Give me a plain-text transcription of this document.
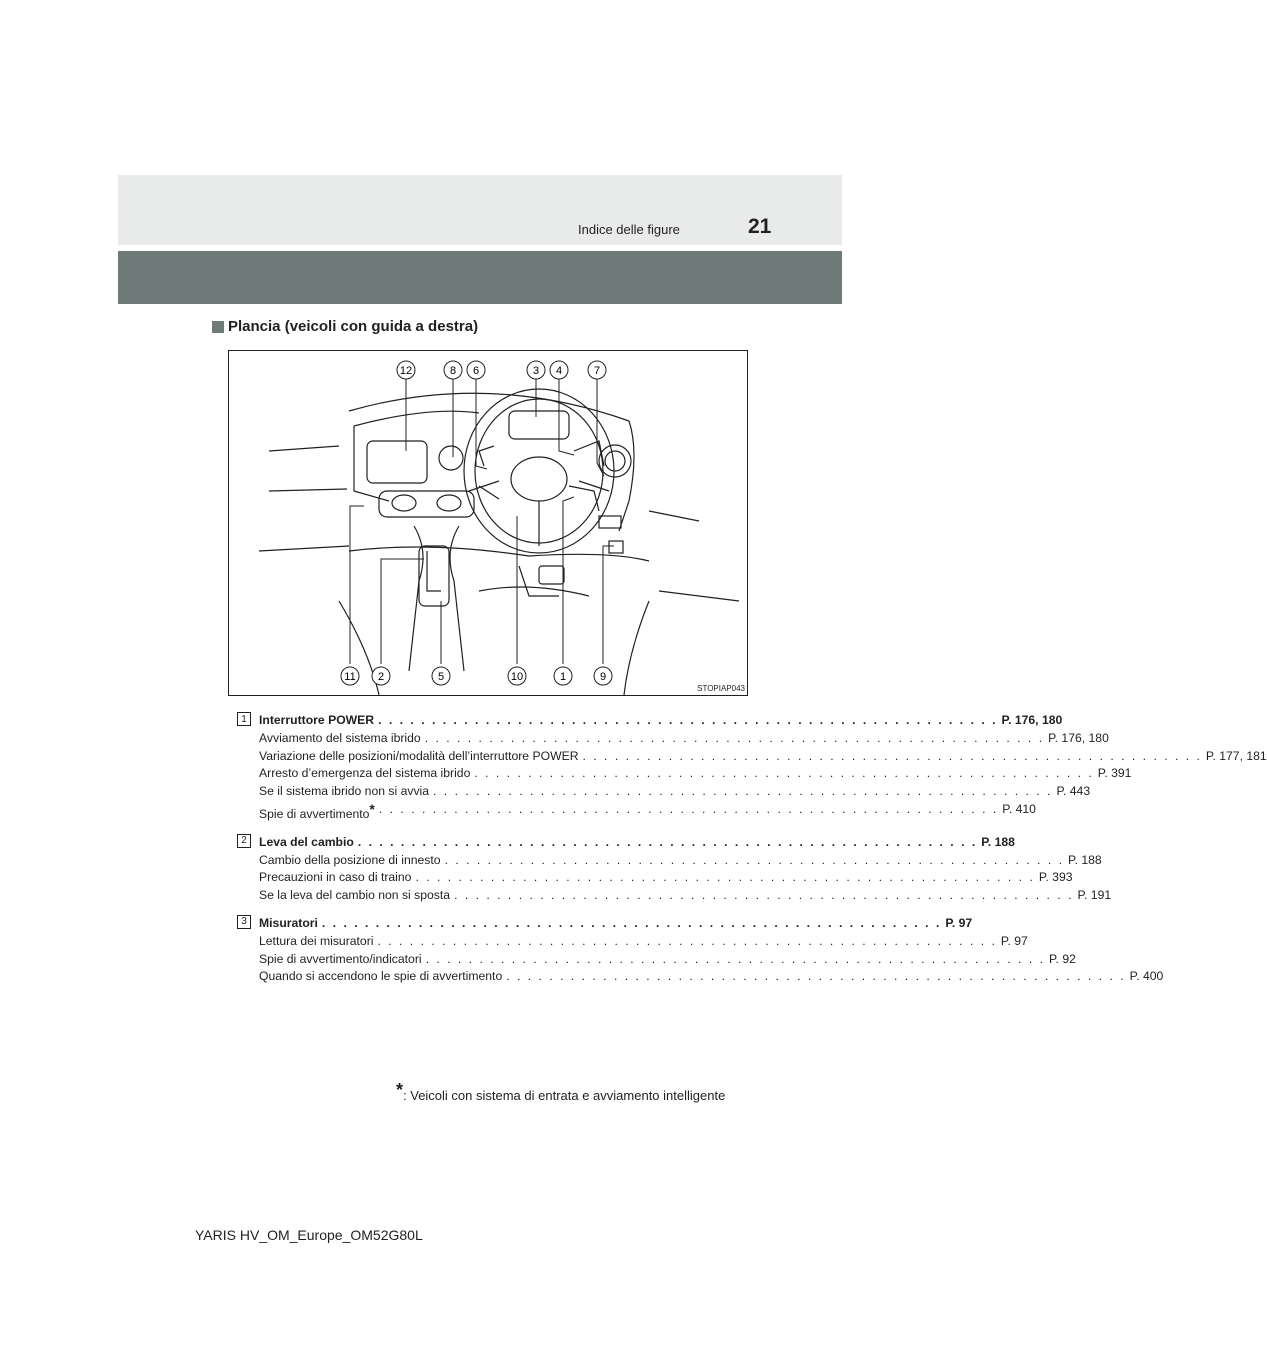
Indice delle figure	21
Plancia (veicoli con guida a destra)
12	8 6	3 4	7
11 2	5	10	1	9
STOPIAP043
1	Interruttore POWER . . . . . . . . . . . . . . . . . . . . . . . . . . . . . . . . . . . . . . . . . . . . . . . . . . . . . . . . . . P. 176, 180
Avviamento del sistema ibrido . . . . . . . . . . . . . . . . . . . . . . . . . . . . . . . . . . . . . . . . . . . . . . . . . . . . . . . . . . P. 176, 180
Variazione delle posizioni/modalità dell’interruttore POWER . . . . . . . . . . . . . . . . . . . . . . . . . . . . . . . . . . . . . . . . . . . . . . . . . . . . . . . . . . P. 177, 181
Arresto d’emergenza del sistema ibrido . . . . . . . . . . . . . . . . . . . . . . . . . . . . . . . . . . . . . . . . . . . . . . . . . . . . . . . . . . P. 391
Se il sistema ibrido non si avvia . . . . . . . . . . . . . . . . . . . . . . . . . . . . . . . . . . . . . . . . . . . . . . . . . . . . . . . . . . P. 443
Spie di avvertimento* . . . . . . . . . . . . . . . . . . . . . . . . . . . . . . . . . . . . . . . . . . . . . . . . . . . . . . . . . . P. 410
2	Leva del cambio . . . . . . . . . . . . . . . . . . . . . . . . . . . . . . . . . . . . . . . . . . . . . . . . . . . . . . . . . . P. 188
Cambio della posizione di innesto . . . . . . . . . . . . . . . . . . . . . . . . . . . . . . . . . . . . . . . . . . . . . . . . . . . . . . . . . . P. 188
Precauzioni in caso di traino . . . . . . . . . . . . . . . . . . . . . . . . . . . . . . . . . . . . . . . . . . . . . . . . . . . . . . . . . . P. 393
Se la leva del cambio non si sposta . . . . . . . . . . . . . . . . . . . . . . . . . . . . . . . . . . . . . . . . . . . . . . . . . . . . . . . . . . P. 191
3	Misuratori . . . . . . . . . . . . . . . . . . . . . . . . . . . . . . . . . . . . . . . . . . . . . . . . . . . . . . . . . . P. 97
Lettura dei misuratori . . . . . . . . . . . . . . . . . . . . . . . . . . . . . . . . . . . . . . . . . . . . . . . . . . . . . . . . . . P. 97
Spie di avvertimento/indicatori . . . . . . . . . . . . . . . . . . . . . . . . . . . . . . . . . . . . . . . . . . . . . . . . . . . . . . . . . . P. 92
Quando si accendono le spie di avvertimento . . . . . . . . . . . . . . . . . . . . . . . . . . . . . . . . . . . . . . . . . . . . . . . . . . . . . . . . . . P. 400
*: Veicoli con sistema di entrata e avviamento intelligente
YARIS HV_OM_Europe_OM52G80L
